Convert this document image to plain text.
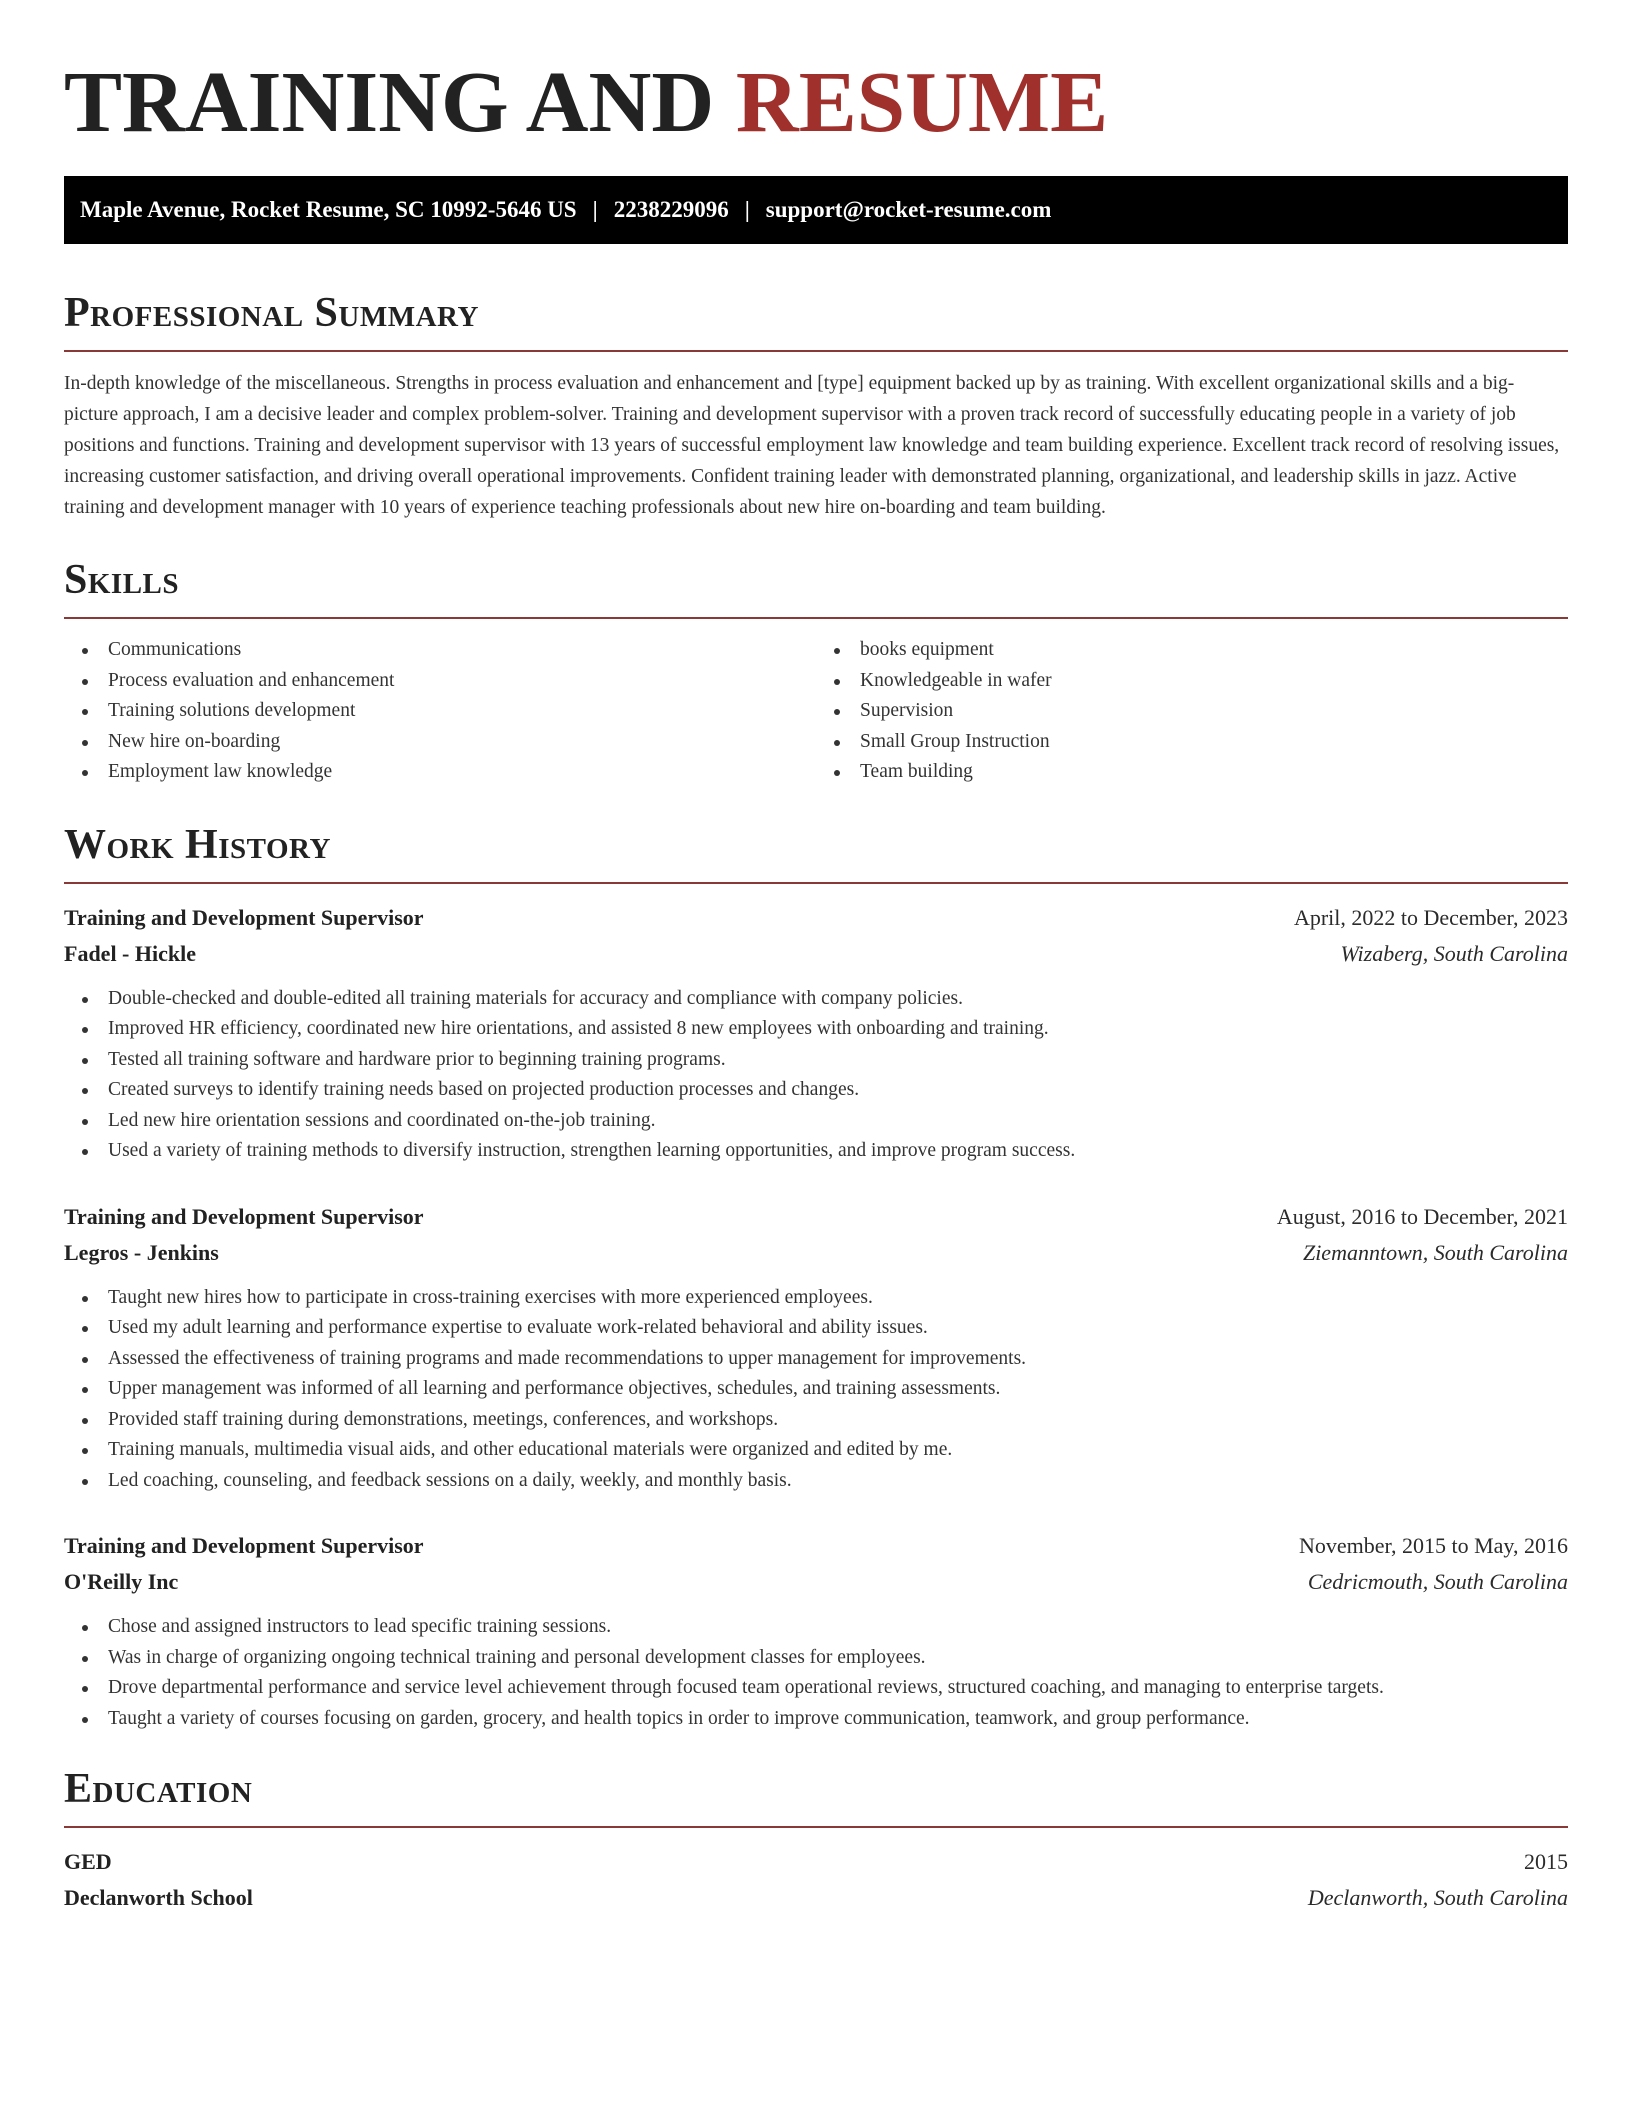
TRAINING AND RESUME
Maple Avenue, Rocket Resume, SC 10992-5646 US | 2238229096 | support@rocket-resume.com
Professional Summary

In-depth knowledge of the miscellaneous. Strengths in process evaluation and enhancement and [type] equipment backed up by as training. With excellent organizational skills and a big-picture approach, I am a decisive leader and complex problem-solver. Training and development supervisor with a proven track record of successfully educating people in a variety of job positions and functions. Training and development supervisor with 13 years of successful employment law knowledge and team building experience. Excellent track record of resolving issues, increasing customer satisfaction, and driving overall operational improvements. Confident training leader with demonstrated planning, organizational, and leadership skills in jazz. Active training and development manager with 10 years of experience teaching professionals about new hire on-boarding and team building.

Skills
Communications
Process evaluation and enhancement
Training solutions development
New hire on-boarding
Employment law knowledge
books equipment
Knowledgeable in wafer
Supervision
Small Group Instruction
Team building
Work History
Training and Development Supervisor	April, 2022 to December, 2023
Fadel - Hickle	Wizaberg, South Carolina
Double-checked and double-edited all training materials for accuracy and compliance with company policies.
Improved HR efficiency, coordinated new hire orientations, and assisted 8 new employees with onboarding and training.
Tested all training software and hardware prior to beginning training programs.
Created surveys to identify training needs based on projected production processes and changes.
Led new hire orientation sessions and coordinated on-the-job training.
Used a variety of training methods to diversify instruction, strengthen learning opportunities, and improve program success.
Training and Development Supervisor	August, 2016 to December, 2021
Legros - Jenkins	Ziemanntown, South Carolina
Taught new hires how to participate in cross-training exercises with more experienced employees.
Used my adult learning and performance expertise to evaluate work-related behavioral and ability issues.
Assessed the effectiveness of training programs and made recommendations to upper management for improvements.
Upper management was informed of all learning and performance objectives, schedules, and training assessments.
Provided staff training during demonstrations, meetings, conferences, and workshops.
Training manuals, multimedia visual aids, and other educational materials were organized and edited by me.
Led coaching, counseling, and feedback sessions on a daily, weekly, and monthly basis.
Training and Development Supervisor	November, 2015 to May, 2016
O'Reilly Inc	Cedricmouth, South Carolina
Chose and assigned instructors to lead specific training sessions.
Was in charge of organizing ongoing technical training and personal development classes for employees.
Drove departmental performance and service level achievement through focused team operational reviews, structured coaching, and managing to enterprise targets.
Taught a variety of courses focusing on garden, grocery, and health topics in order to improve communication, teamwork, and group performance.
Education
GED	2015
Declanworth School	Declanworth, South Carolina
